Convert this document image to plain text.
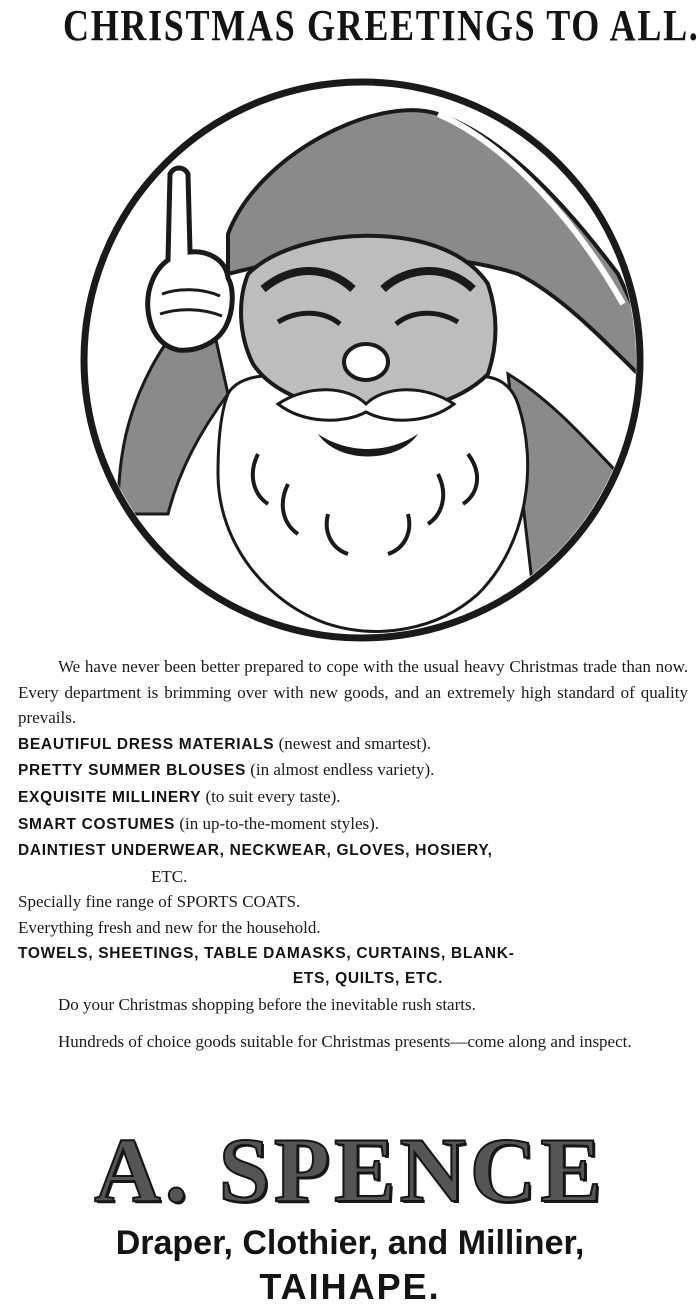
CHRISTMAS GREETINGS TO ALL.

We have never been better prepared to cope with the usual heavy Christmas trade than now. Every department is brimming over with new goods, and an extremely high standard of quality prevails.

BEAUTIFUL DRESS MATERIALS (newest and smartest).
PRETTY SUMMER BLOUSES (in almost endless variety).
EXQUISITE MILLINERY (to suit every taste).
SMART COSTUMES (in up-to-the-moment styles).
DAINTIEST UNDERWEAR, NECKWEAR, GLOVES, HOSIERY,
ETC.
Specially fine range of SPORTS COATS.
Everything fresh and new for the household.
TOWELS, SHEETINGS, TABLE DAMASKS, CURTAINS, BLANK-
ETS, QUILTS, ETC.

Do your Christmas shopping before the inevitable rush starts.

Hundreds of choice goods suitable for Christmas presents—come along and inspect.

A. SPENCE
Draper, Clothier, and Milliner,
TAIHAPE.
